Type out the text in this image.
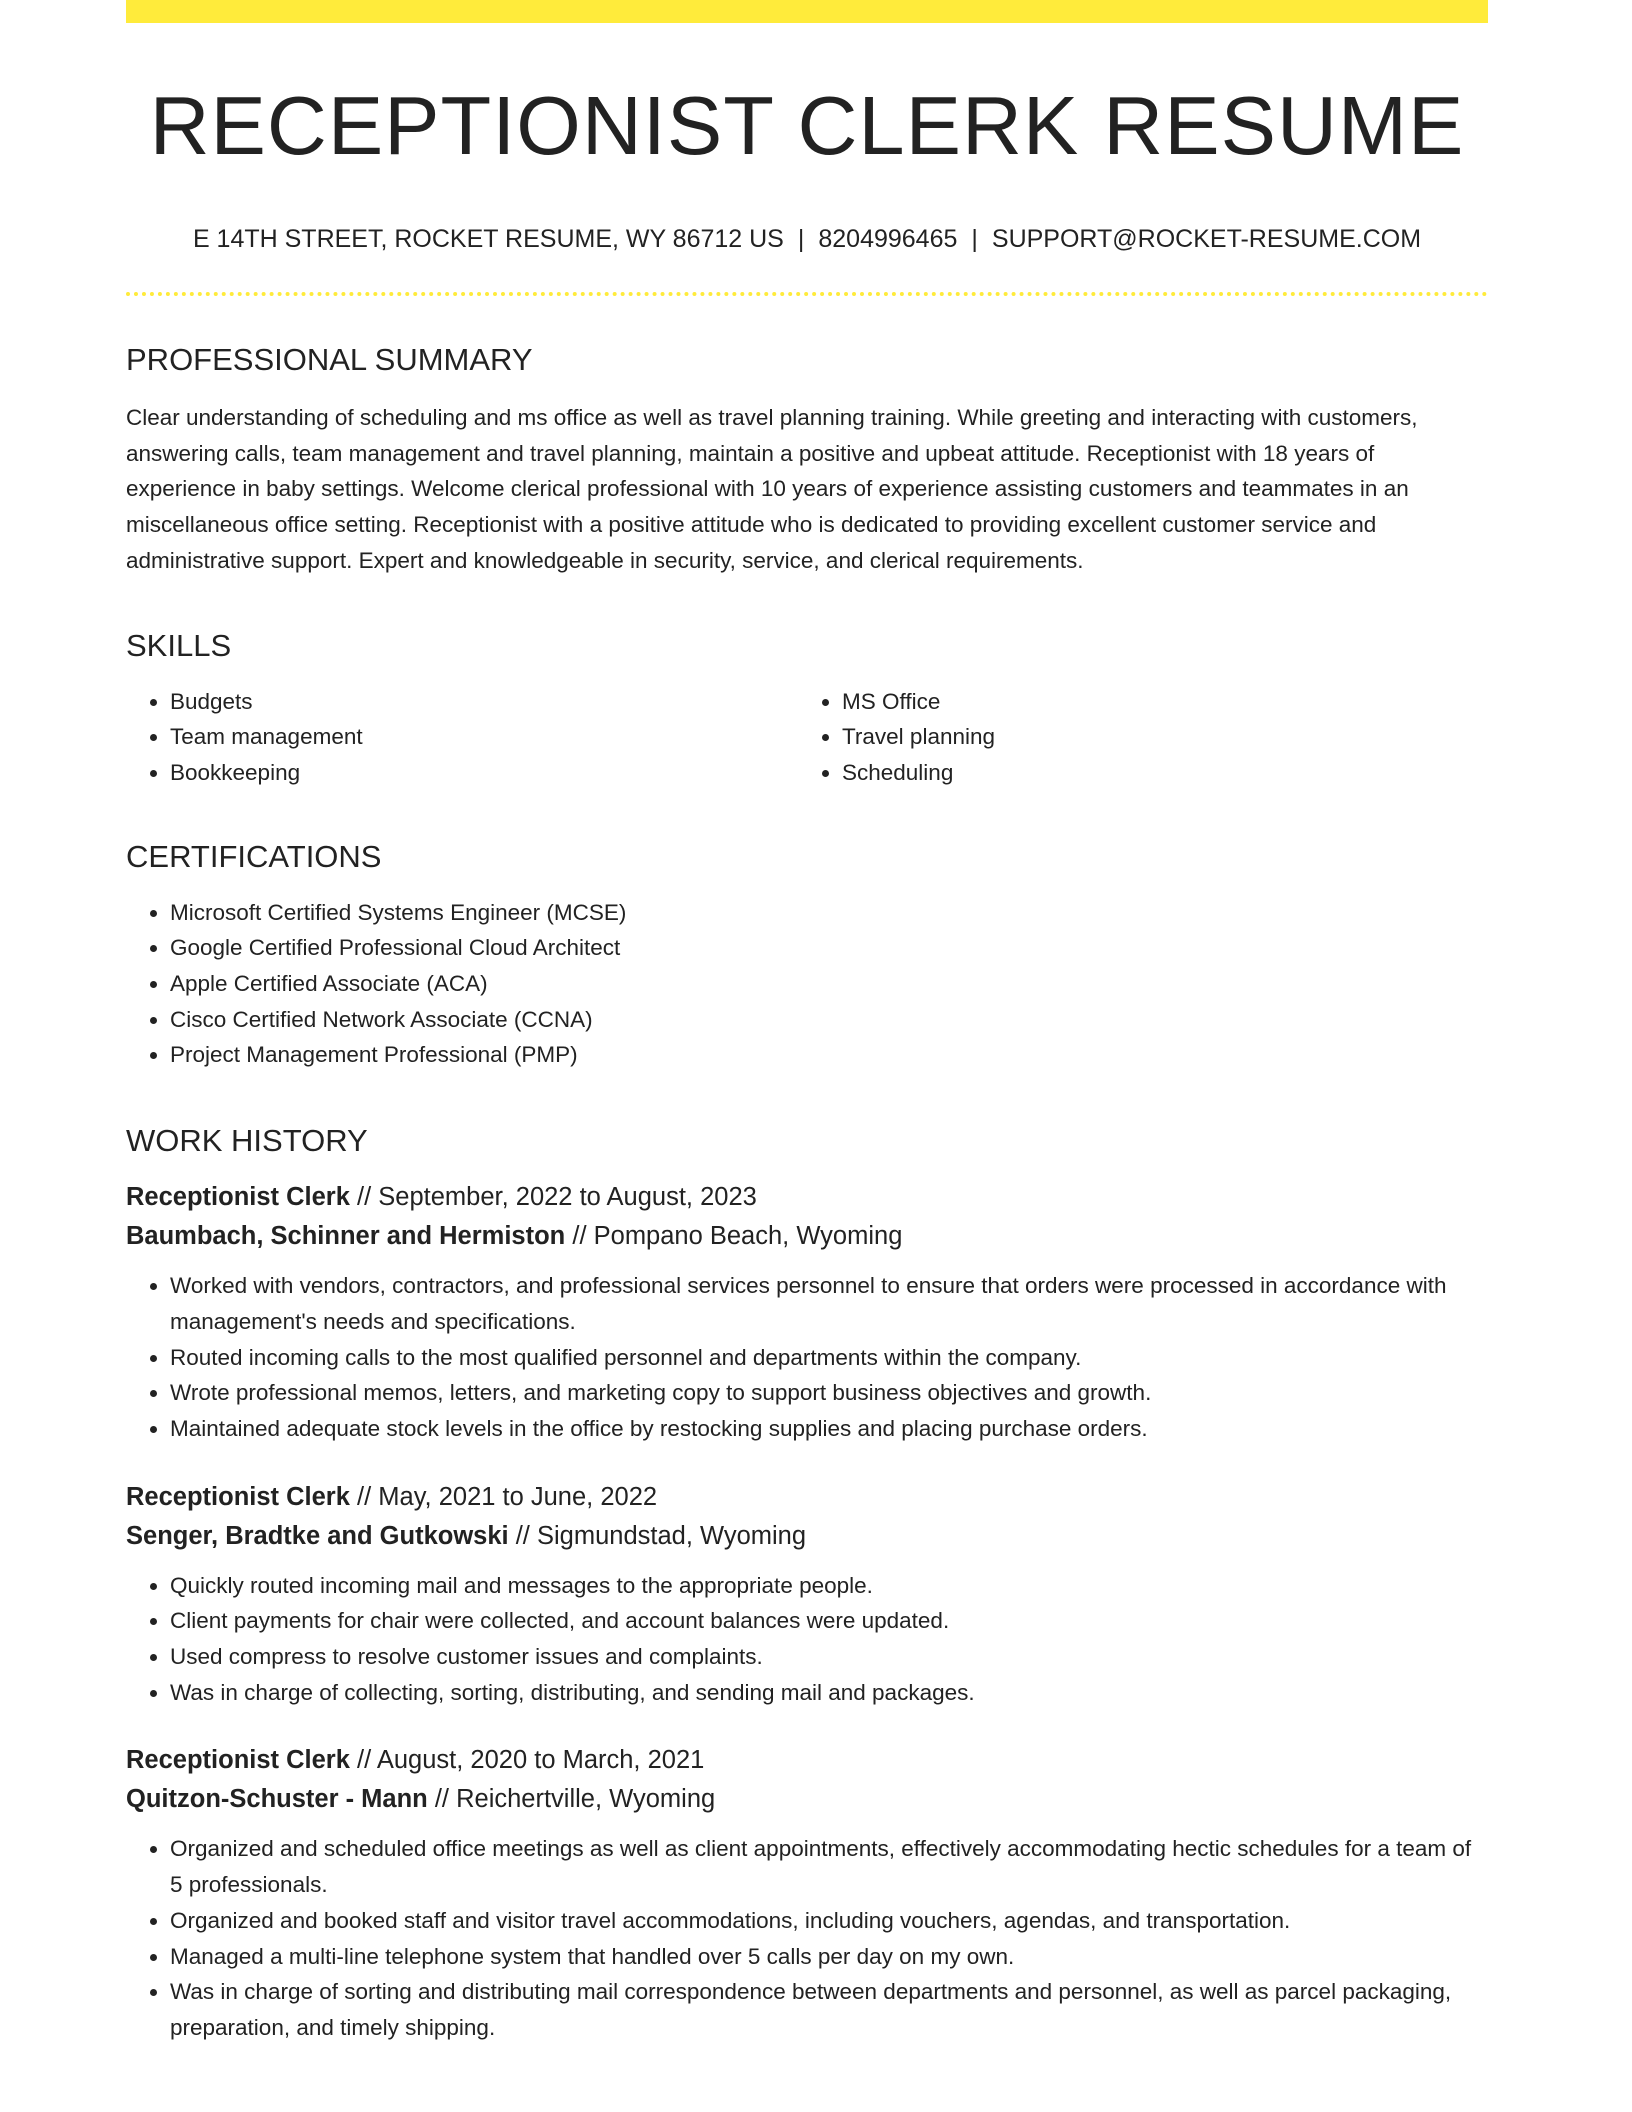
RECEPTIONIST CLERK RESUME
E 14TH STREET, ROCKET RESUME, WY 86712 US | 8204996465 | SUPPORT@ROCKET-RESUME.COM
PROFESSIONAL SUMMARY
Clear understanding of scheduling and ms office as well as travel planning training. While greeting and interacting with customers, answering calls, team management and travel planning, maintain a positive and upbeat attitude. Receptionist with 18 years of experience in baby settings. Welcome clerical professional with 10 years of experience assisting customers and teammates in an miscellaneous office setting. Receptionist with a positive attitude who is dedicated to providing excellent customer service and administrative support. Expert and knowledgeable in security, service, and clerical requirements.
SKILLS
• Budgets
• Team management
• Bookkeeping
• MS Office
• Travel planning
• Scheduling
CERTIFICATIONS
• Microsoft Certified Systems Engineer (MCSE)
• Google Certified Professional Cloud Architect
• Apple Certified Associate (ACA)
• Cisco Certified Network Associate (CCNA)
• Project Management Professional (PMP)
WORK HISTORY
Receptionist Clerk // September, 2022 to August, 2023
Baumbach, Schinner and Hermiston // Pompano Beach, Wyoming
• Worked with vendors, contractors, and professional services personnel to ensure that orders were processed in accordance with management's needs and specifications.
• Routed incoming calls to the most qualified personnel and departments within the company.
• Wrote professional memos, letters, and marketing copy to support business objectives and growth.
• Maintained adequate stock levels in the office by restocking supplies and placing purchase orders.
Receptionist Clerk // May, 2021 to June, 2022
Senger, Bradtke and Gutkowski // Sigmundstad, Wyoming
• Quickly routed incoming mail and messages to the appropriate people.
• Client payments for chair were collected, and account balances were updated.
• Used compress to resolve customer issues and complaints.
• Was in charge of collecting, sorting, distributing, and sending mail and packages.
Receptionist Clerk // August, 2020 to March, 2021
Quitzon-Schuster - Mann // Reichertville, Wyoming
• Organized and scheduled office meetings as well as client appointments, effectively accommodating hectic schedules for a team of 5 professionals.
• Organized and booked staff and visitor travel accommodations, including vouchers, agendas, and transportation.
• Managed a multi-line telephone system that handled over 5 calls per day on my own.
• Was in charge of sorting and distributing mail correspondence between departments and personnel, as well as parcel packaging, preparation, and timely shipping.
